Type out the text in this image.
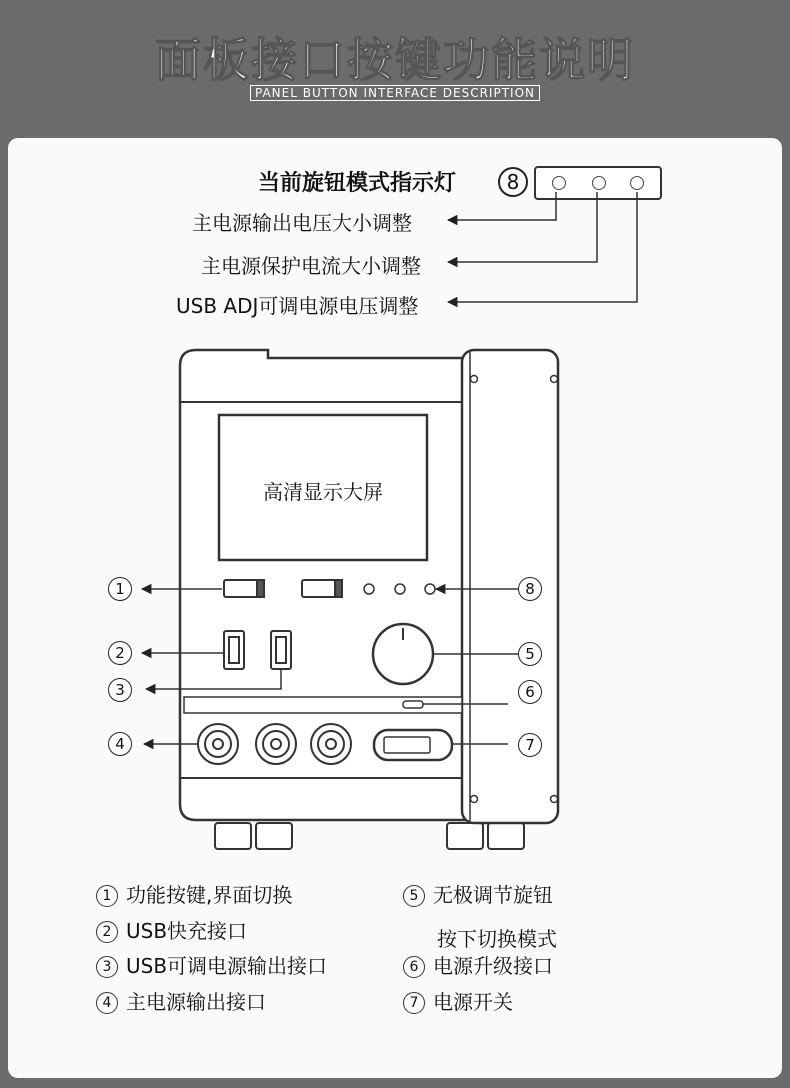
面板接口按键功能说明
PANEL BUTTON INTERFACE DESCRIPTION
当前旋钮模式指示灯	8
主电源输出电压大小调整
主电源保护电流大小调整
USB ADJ可调电源电压调整
高清显示大屏
1
2
3
4
5
6
7
8
1 功能按键,界面切换
2 USB快充接口
3 USB可调电源输出接口
4 主电源输出接口
5 无极调节旋钮
按下切换模式
6 电源升级接口
7 电源开关
